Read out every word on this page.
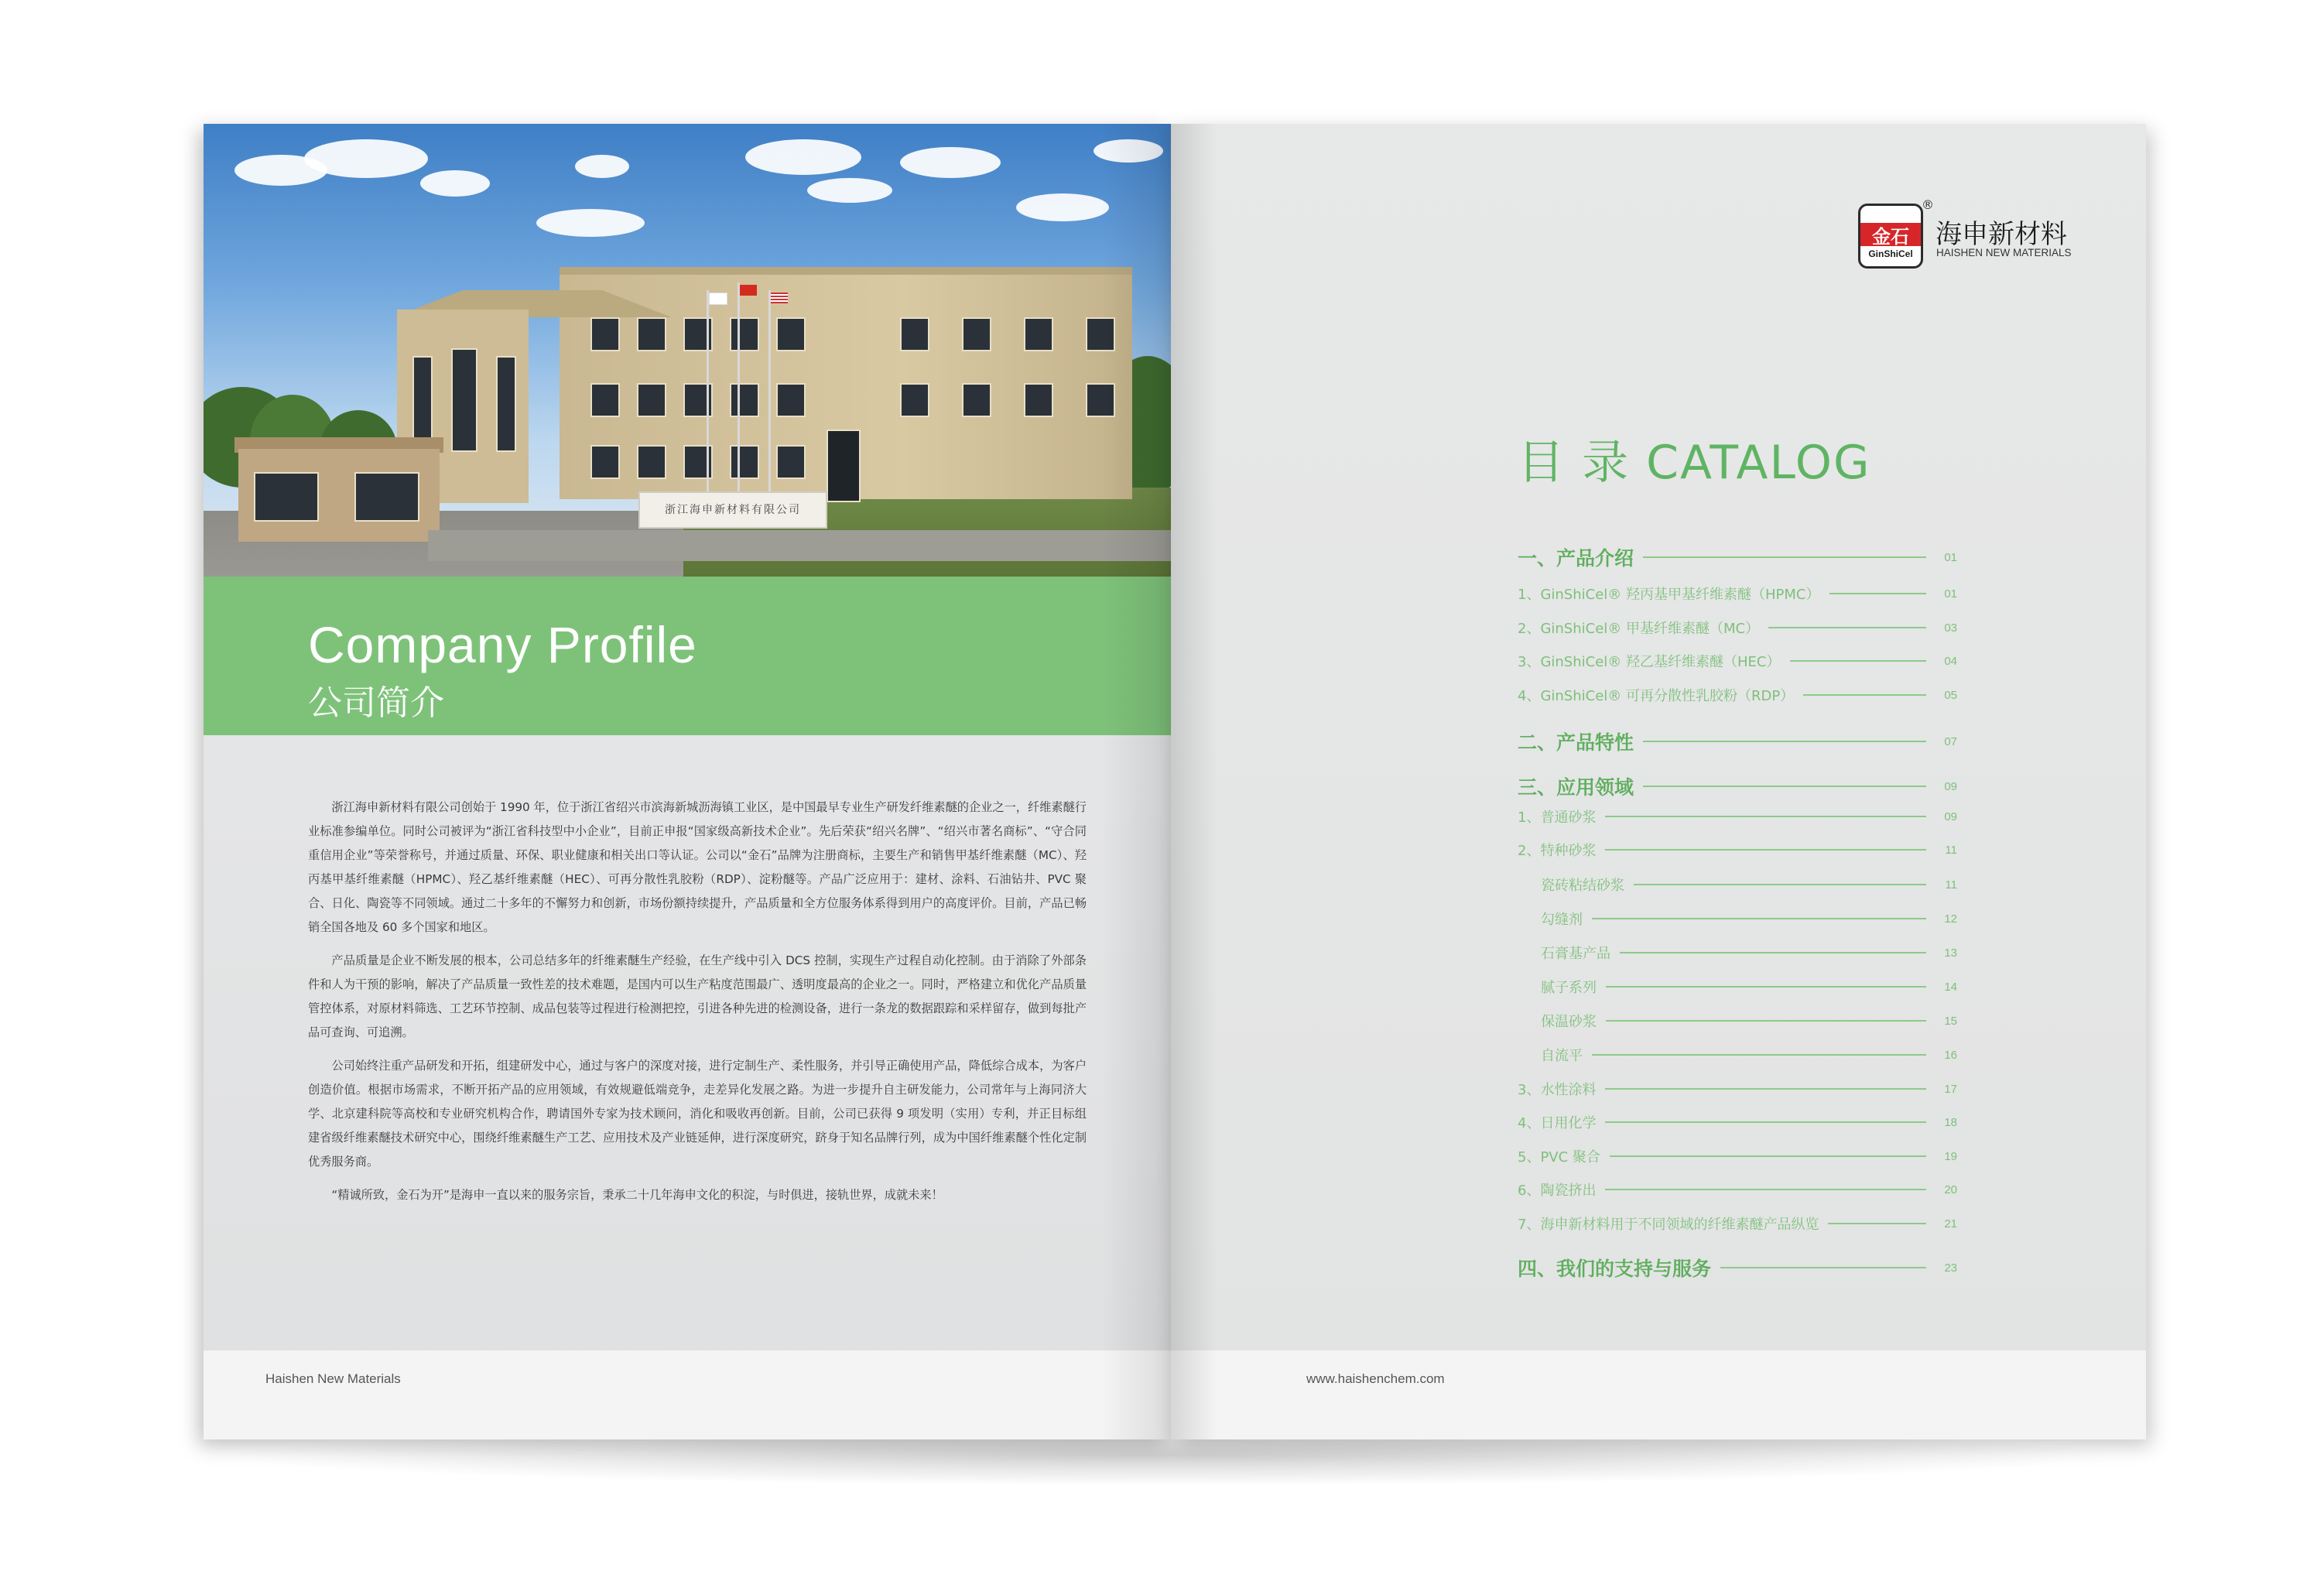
浙江海申新材料有限公司
Company Profile
公司简介

浙江海申新材料有限公司创始于 1990 年，位于浙江省绍兴市滨海新城沥海镇工业区，是中国最早专业生产研发纤维素醚的企业之一，纤维素醚行业标准参编单位。同时公司被评为“浙江省科技型中小企业”，目前正申报“国家级高新技术企业”。先后荣获“绍兴名牌”、“绍兴市著名商标”、“守合同重信用企业”等荣誉称号，并通过质量、环保、职业健康和相关出口等认证。公司以“金石”品牌为注册商标，主要生产和销售甲基纤维素醚（MC）、羟丙基甲基纤维素醚（HPMC）、羟乙基纤维素醚（HEC）、可再分散性乳胶粉（RDP）、淀粉醚等。产品广泛应用于：建材、涂料、石油钻井、PVC 聚合、日化、陶瓷等不同领域。通过二十多年的不懈努力和创新，市场份额持续提升，产品质量和全方位服务体系得到用户的高度评价。目前，产品已畅销全国各地及 60 多个国家和地区。

产品质量是企业不断发展的根本，公司总结多年的纤维素醚生产经验，在生产线中引入 DCS 控制，实现生产过程自动化控制。由于消除了外部条件和人为干预的影响，解决了产品质量一致性差的技术难题，是国内可以生产粘度范围最广、透明度最高的企业之一。同时，严格建立和优化产品质量管控体系，对原材料筛选、工艺环节控制、成品包装等过程进行检测把控，引进各种先进的检测设备，进行一条龙的数据跟踪和采样留存，做到每批产品可查询、可追溯。

公司始终注重产品研发和开拓，组建研发中心，通过与客户的深度对接，进行定制生产、柔性服务，并引导正确使用产品，降低综合成本，为客户创造价值。根据市场需求，不断开拓产品的应用领域，有效规避低端竞争，走差异化发展之路。为进一步提升自主研发能力，公司常年与上海同济大学、北京建科院等高校和专业研究机构合作，聘请国外专家为技术顾问，消化和吸收再创新。目前，公司已获得 9 项发明（实用）专利，并正目标组建省级纤维素醚技术研究中心，围绕纤维素醚生产工艺、应用技术及产业链延伸，进行深度研究，跻身于知名品牌行列，成为中国纤维素醚个性化定制优秀服务商。

“精诚所致，金石为开”是海申一直以来的服务宗旨，秉承二十几年海申文化的积淀，与时俱进，接轨世界，成就未来！

Haishen New Materials
金石
GinShiCel
®
海申新材料
HAISHEN NEW MATERIALS
目 录 CATALOG
一、产品介绍	01
1、GinShiCel® 羟丙基甲基纤维素醚（HPMC）	01
2、GinShiCel® 甲基纤维素醚（MC）	03
3、GinShiCel® 羟乙基纤维素醚（HEC）	04
4、GinShiCel® 可再分散性乳胶粉（RDP）	05
二、产品特性	07
三、应用领域	09
1、普通砂浆	09
2、特种砂浆	11
瓷砖粘结砂浆	11
勾缝剂	12
石膏基产品	13
腻子系列	14
保温砂浆	15
自流平	16
3、水性涂料	17
4、日用化学	18
5、PVC 聚合	19
6、陶瓷挤出	20
7、海申新材料用于不同领域的纤维素醚产品纵览	21
四、我们的支持与服务	23
www.haishenchem.com
